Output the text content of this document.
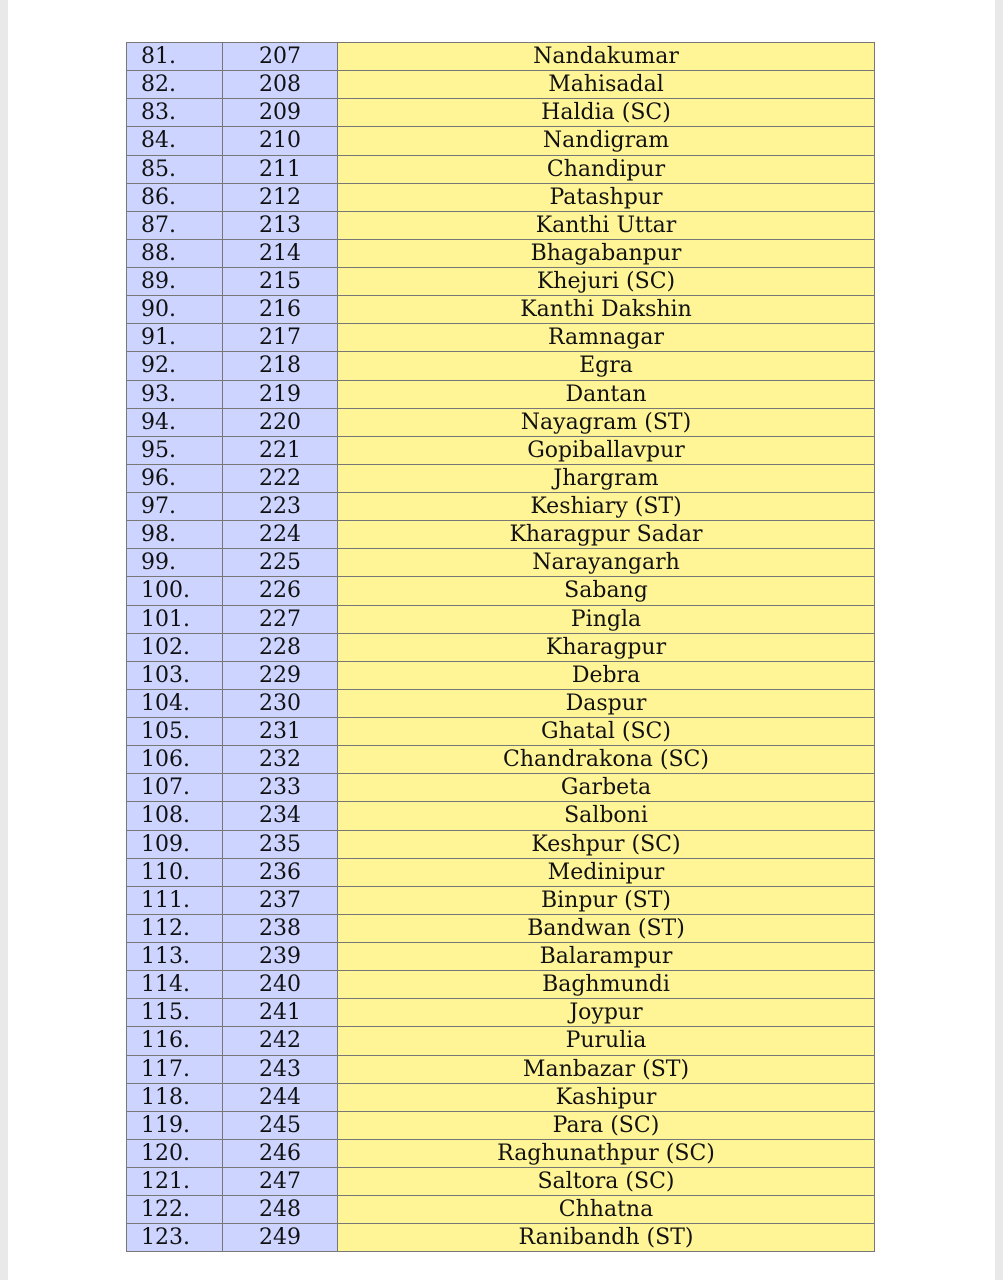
81.	207	Nandakumar
82.	208	Mahisadal
83.	209	Haldia (SC)
84.	210	Nandigram
85.	211	Chandipur
86.	212	Patashpur
87.	213	Kanthi Uttar
88.	214	Bhagabanpur
89.	215	Khejuri (SC)
90.	216	Kanthi Dakshin
91.	217	Ramnagar
92.	218	Egra
93.	219	Dantan
94.	220	Nayagram (ST)
95.	221	Gopiballavpur
96.	222	Jhargram
97.	223	Keshiary (ST)
98.	224	Kharagpur Sadar
99.	225	Narayangarh
100.	226	Sabang
101.	227	Pingla
102.	228	Kharagpur
103.	229	Debra
104.	230	Daspur
105.	231	Ghatal (SC)
106.	232	Chandrakona (SC)
107.	233	Garbeta
108.	234	Salboni
109.	235	Keshpur (SC)
110.	236	Medinipur
111.	237	Binpur (ST)
112.	238	Bandwan (ST)
113.	239	Balarampur
114.	240	Baghmundi
115.	241	Joypur
116.	242	Purulia
117.	243	Manbazar (ST)
118.	244	Kashipur
119.	245	Para (SC)
120.	246	Raghunathpur (SC)
121.	247	Saltora (SC)
122.	248	Chhatna
123.	249	Ranibandh (ST)
